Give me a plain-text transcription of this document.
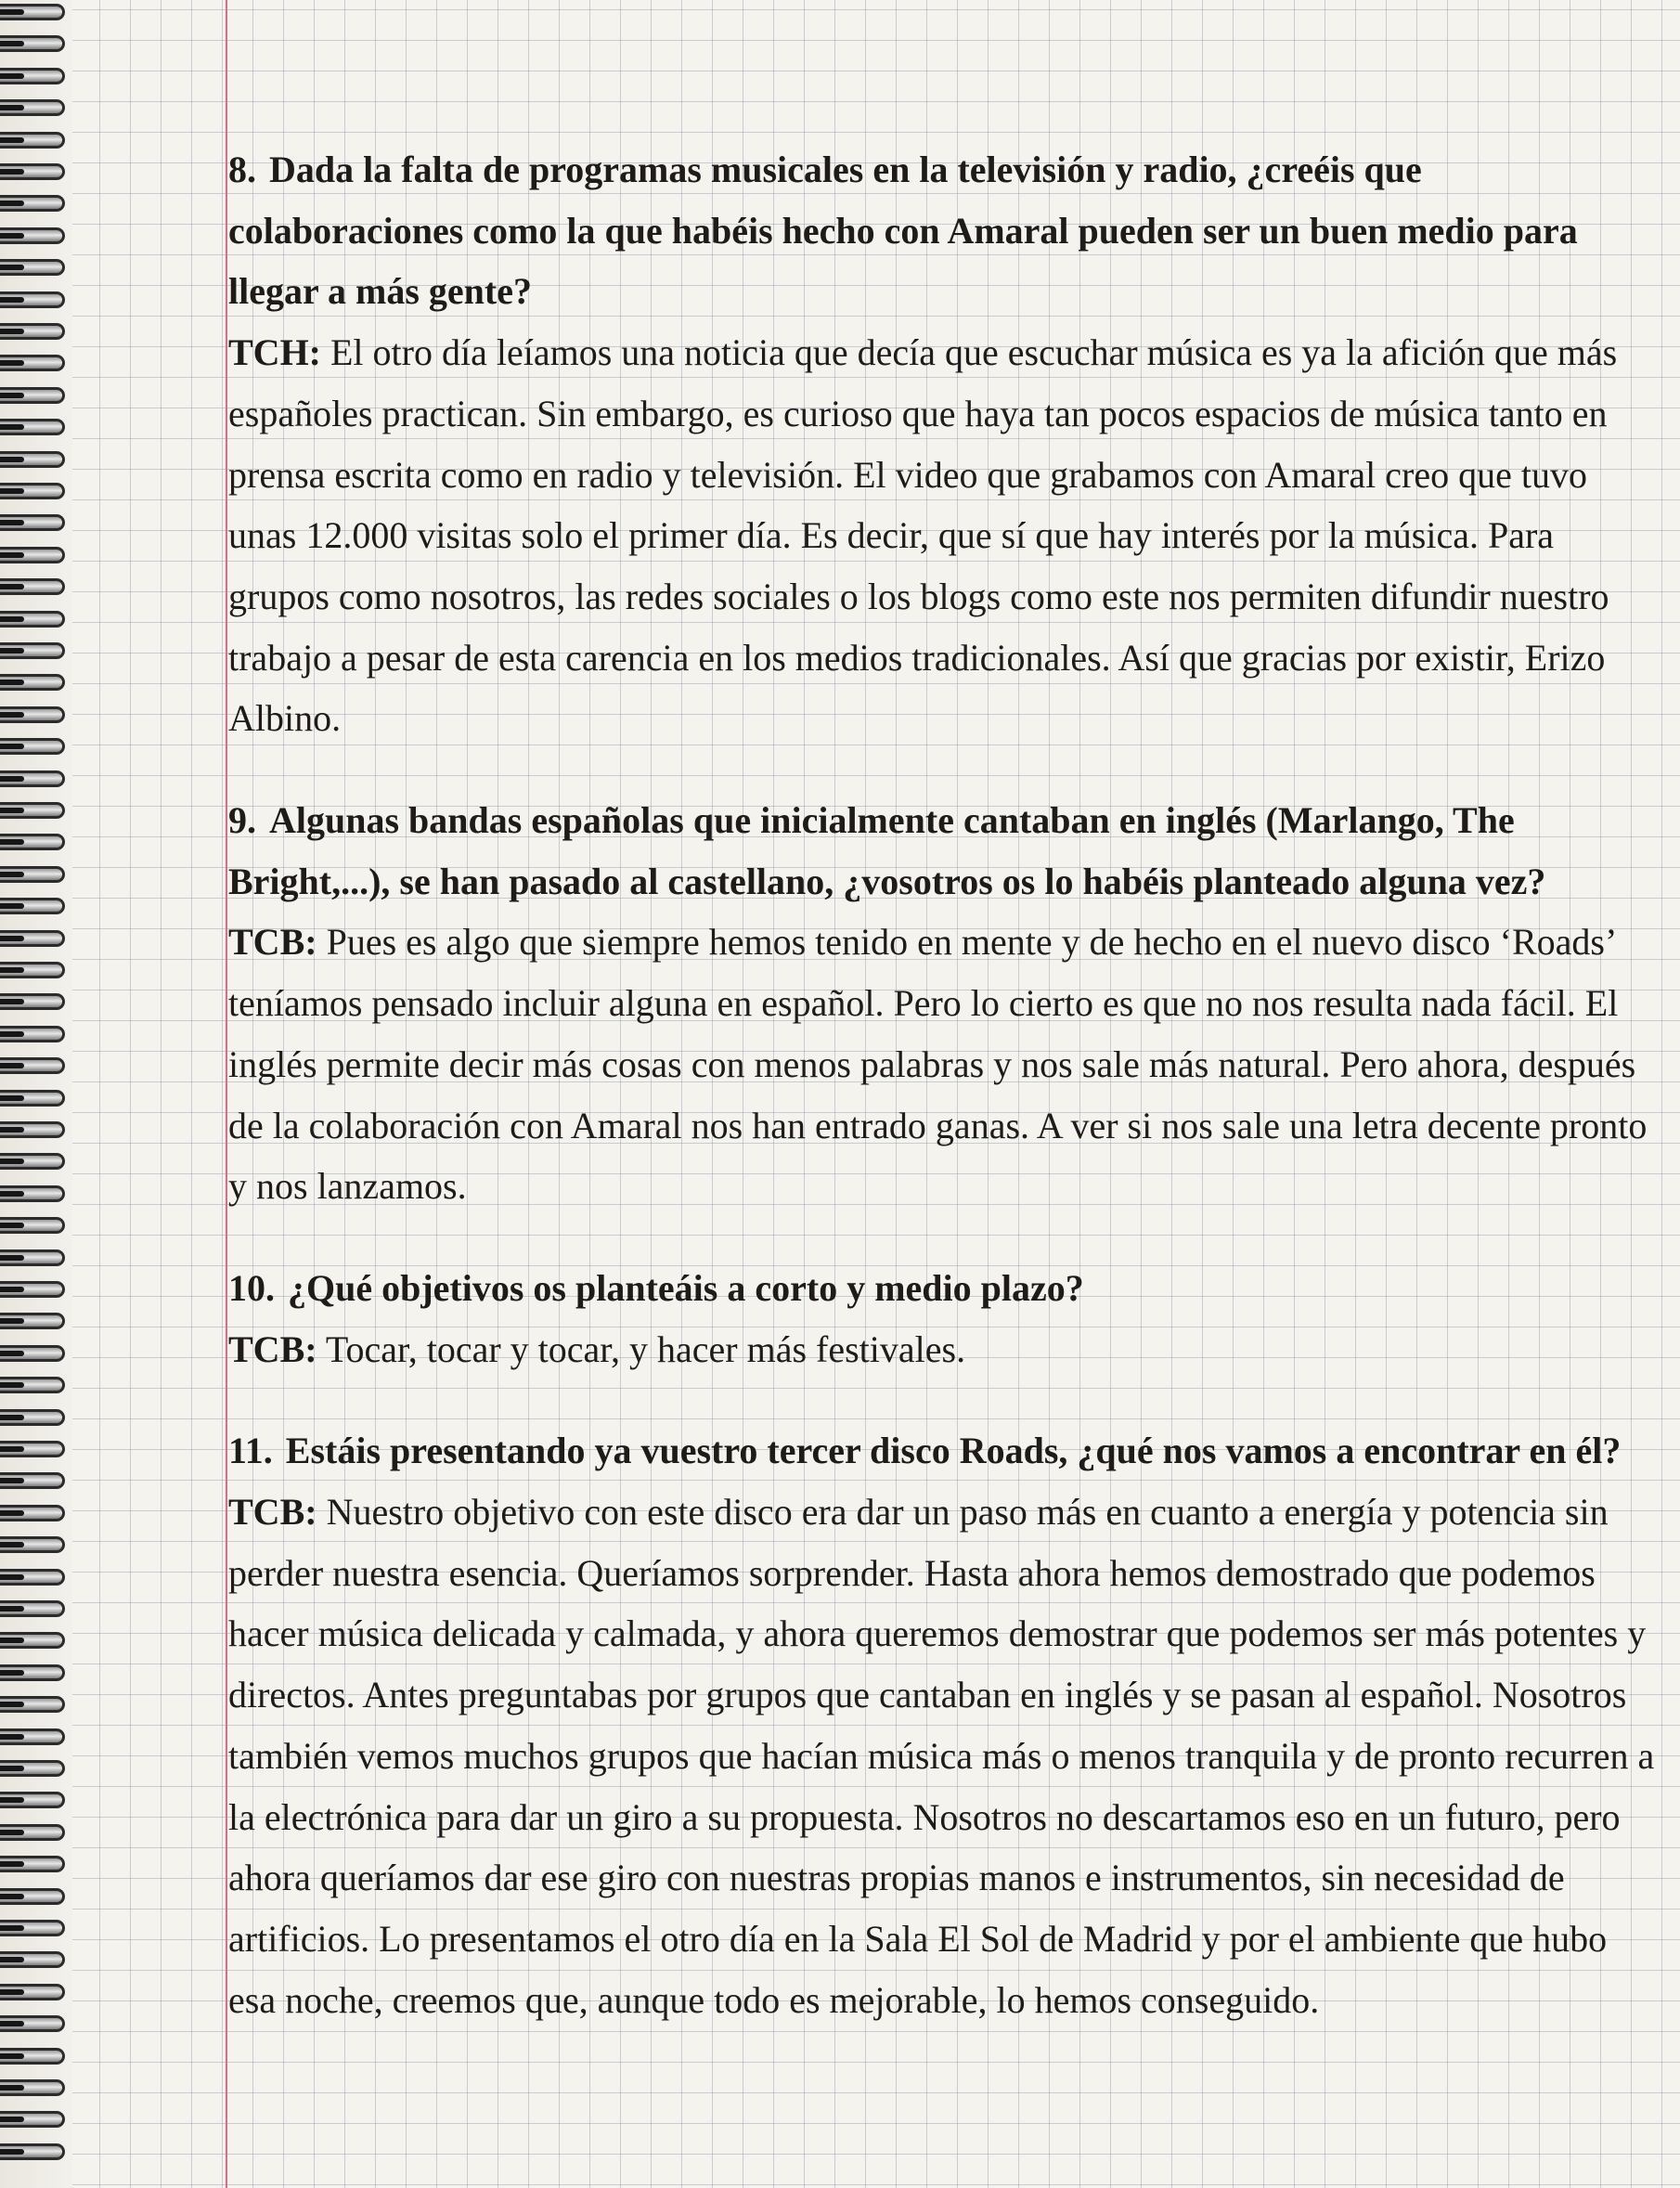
8. Dada la falta de programas musicales en la televisión y radio, ¿creéis que colaboraciones como la que habéis hecho con Amaral pueden ser un buen medio para llegar a más gente?
TCH: El otro día leíamos una noticia que decía que escuchar música es ya la afición que más españoles practican. Sin embargo, es curioso que haya tan pocos espacios de música tanto en prensa escrita como en radio y televisión. El video que grabamos con Amaral creo que tuvo unas 12.000 visitas solo el primer día. Es decir, que sí que hay interés por la música. Para grupos como nosotros, las redes sociales o los blogs como este nos permiten difundir nuestro trabajo a pesar de esta carencia en los medios tradicionales. Así que gracias por existir, Erizo Albino.
9. Algunas bandas españolas que inicialmente cantaban en inglés (Marlango, The Bright,...), se han pasado al castellano, ¿vosotros os lo habéis planteado alguna vez?
TCB: Pues es algo que siempre hemos tenido en mente y de hecho en el nuevo disco ‘Roads’ teníamos pensado incluir alguna en español. Pero lo cierto es que no nos resulta nada fácil. El inglés permite decir más cosas con menos palabras y nos sale más natural. Pero ahora, después de la colaboración con Amaral nos han entrado ganas. A ver si nos sale una letra decente pronto y nos lanzamos.
10. ¿Qué objetivos os planteáis a corto y medio plazo?
TCB: Tocar, tocar y tocar, y hacer más festivales.
11. Estáis presentando ya vuestro tercer disco Roads, ¿qué nos vamos a encontrar en él?
TCB: Nuestro objetivo con este disco era dar un paso más en cuanto a energía y potencia sin perder nuestra esencia. Queríamos sorprender. Hasta ahora hemos demostrado que podemos hacer música delicada y calmada, y ahora queremos demostrar que podemos ser más potentes y directos. Antes preguntabas por grupos que cantaban en inglés y se pasan al español. Nosotros también vemos muchos grupos que hacían música más o menos tranquila y de pronto recurren a la electrónica para dar un giro a su propuesta. Nosotros no descartamos eso en un futuro, pero ahora queríamos dar ese giro con nuestras propias manos e instrumentos, sin necesidad de artificios. Lo presentamos el otro día en la Sala El Sol de Madrid y por el ambiente que hubo esa noche, creemos que, aunque todo es mejorable, lo hemos conseguido.
